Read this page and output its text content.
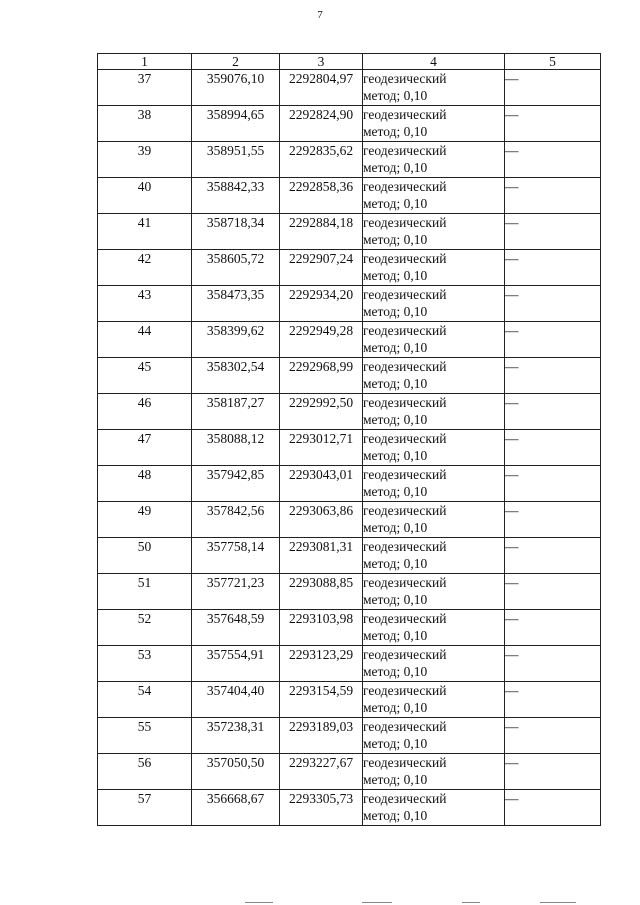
7
1	2	3	4	5
37	359076,10	2292804,97	геодезический
метод; 0,10	—
38	358994,65	2292824,90	геодезический
метод; 0,10	—
39	358951,55	2292835,62	геодезический
метод; 0,10	—
40	358842,33	2292858,36	геодезический
метод; 0,10	—
41	358718,34	2292884,18	геодезический
метод; 0,10	—
42	358605,72	2292907,24	геодезический
метод; 0,10	—
43	358473,35	2292934,20	геодезический
метод; 0,10	—
44	358399,62	2292949,28	геодезический
метод; 0,10	—
45	358302,54	2292968,99	геодезический
метод; 0,10	—
46	358187,27	2292992,50	геодезический
метод; 0,10	—
47	358088,12	2293012,71	геодезический
метод; 0,10	—
48	357942,85	2293043,01	геодезический
метод; 0,10	—
49	357842,56	2293063,86	геодезический
метод; 0,10	—
50	357758,14	2293081,31	геодезический
метод; 0,10	—
51	357721,23	2293088,85	геодезический
метод; 0,10	—
52	357648,59	2293103,98	геодезический
метод; 0,10	—
53	357554,91	2293123,29	геодезический
метод; 0,10	—
54	357404,40	2293154,59	геодезический
метод; 0,10	—
55	357238,31	2293189,03	геодезический
метод; 0,10	—
56	357050,50	2293227,67	геодезический
метод; 0,10	—
57	356668,67	2293305,73	геодезический
метод; 0,10	—
